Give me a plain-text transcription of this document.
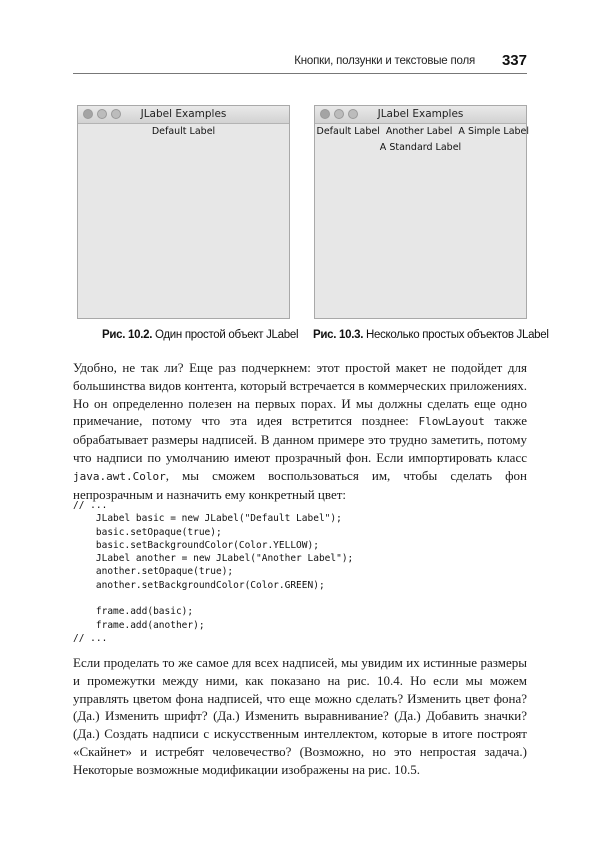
Кнопки, ползунки и текстовые поля 337
JLabel Examples
Default Label
JLabel Examples
Default Label Another Label A Simple Label
A Standard Label
Рис. 10.2. Один простой объект JLabel Рис. 10.3. Несколько простых объектов JLabel

Удобно, не так ли? Еще раз подчеркнем: этот простой макет не подойдет для большинства видов контента, который встречается в коммерческих приложениях. Но он определенно полезен на первых порах. И мы должны сделать еще одно примечание, потому что эта идея встретится позднее: FlowLayout также обрабатывает размеры надписей. В данном примере это трудно заметить, потому что надписи по умолчанию имеют прозрачный фон. Если импортировать класс java.awt.Color, мы сможем воспользоваться им, чтобы сделать фон непрозрачным и назначить ему конкретный цвет:

// ...
JLabel basic = new JLabel("Default Label");
basic.setOpaque(true);
basic.setBackgroundColor(Color.YELLOW);
JLabel another = new JLabel("Another Label");
another.setOpaque(true);
another.setBackgroundColor(Color.GREEN);
frame.add(basic);
frame.add(another);
// ...

Если проделать то же самое для всех надписей, мы увидим их истинные размеры и промежутки между ними, как показано на рис. 10.4. Но если мы можем управлять цветом фона надписей, что еще можно сделать? Изменить цвет фона? (Да.) Изменить шрифт? (Да.) Изменить выравнивание? (Да.) Добавить значки? (Да.) Создать надписи с искусственным интеллектом, которые в итоге построят «Скайнет» и истребят человечество? (Возможно, но это непростая задача.) Некоторые возможные модификации изображены на рис. 10.5.
